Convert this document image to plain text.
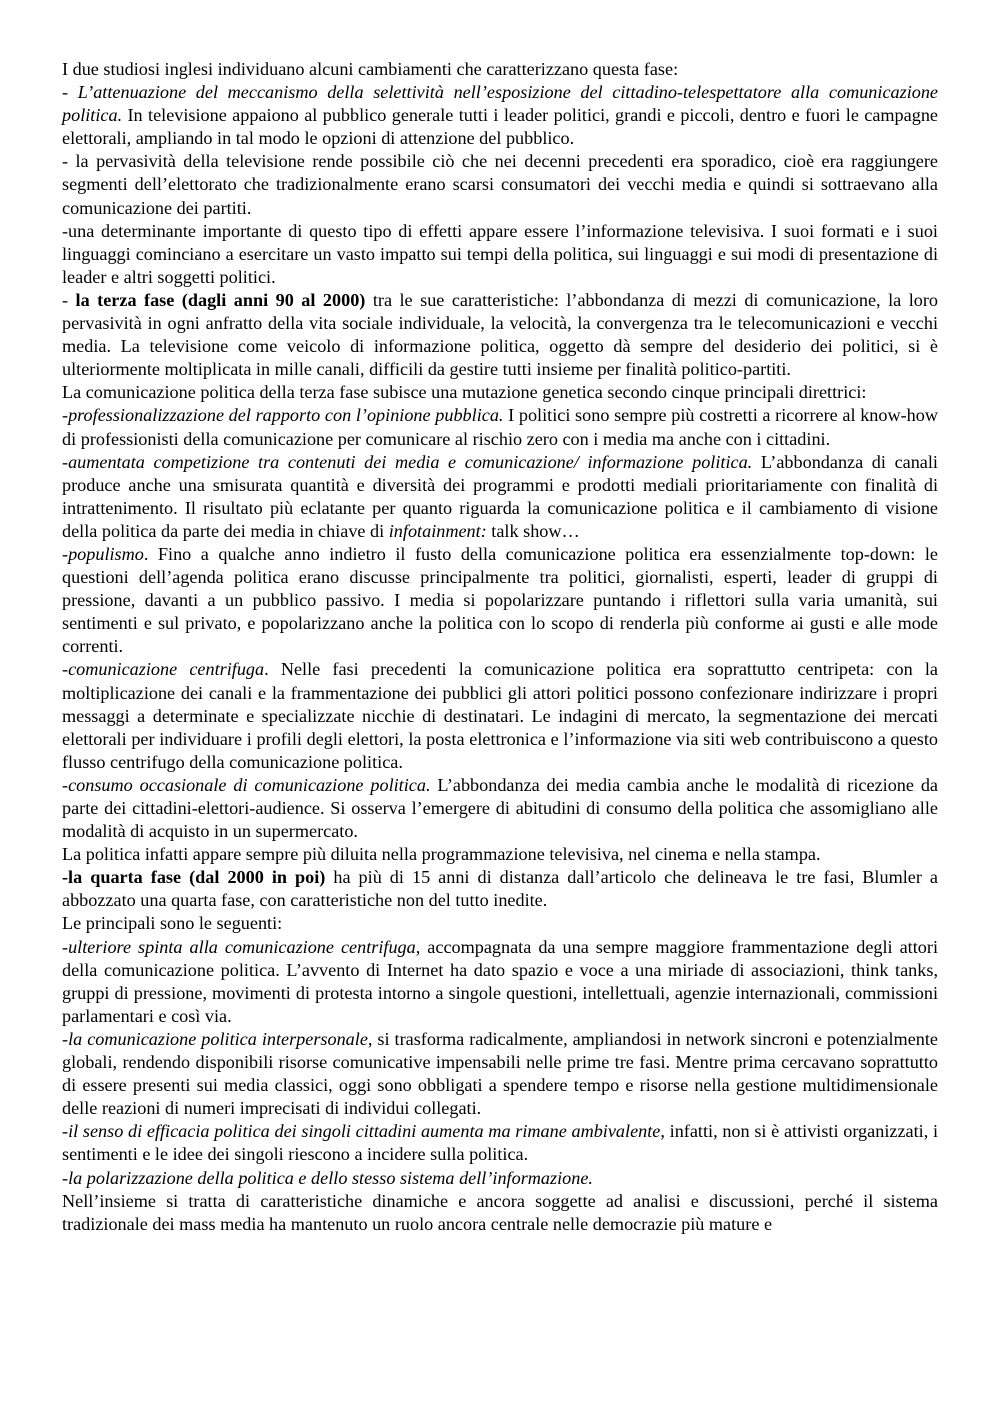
I due studiosi inglesi individuano alcuni cambiamenti che caratterizzano questa fase:

- L’attenuazione del meccanismo della selettività nell’esposizione del cittadino-telespettatore alla comunicazione politica. In televisione appaiono al pubblico generale tutti i leader politici, grandi e piccoli, dentro e fuori le campagne elettorali, ampliando in tal modo le opzioni di attenzione del pubblico.

- la pervasività della televisione rende possibile ciò che nei decenni precedenti era sporadico, cioè era raggiungere segmenti dell’elettorato che tradizionalmente erano scarsi consumatori dei vecchi media e quindi si sottraevano alla comunicazione dei partiti.

-una determinante importante di questo tipo di effetti appare essere l’informazione televisiva. I suoi formati e i suoi linguaggi cominciano a esercitare un vasto impatto sui tempi della politica, sui linguaggi e sui modi di presentazione di leader e altri soggetti politici.

- la terza fase (dagli anni 90 al 2000) tra le sue caratteristiche: l’abbondanza di mezzi di comunicazione, la loro pervasività in ogni anfratto della vita sociale individuale, la velocità, la convergenza tra le telecomunicazioni e vecchi media. La televisione come veicolo di informazione politica, oggetto dà sempre del desiderio dei politici, si è ulteriormente moltiplicata in mille canali, difficili da gestire tutti insieme per finalità politico-partiti.

La comunicazione politica della terza fase subisce una mutazione genetica secondo cinque principali direttrici:

-professionalizzazione del rapporto con l’opinione pubblica. I politici sono sempre più costretti a ricorrere al know-how di professionisti della comunicazione per comunicare al rischio zero con i media ma anche con i cittadini.

-aumentata competizione tra contenuti dei media e comunicazione/ informazione politica. L’abbondanza di canali produce anche una smisurata quantità e diversità dei programmi e prodotti mediali prioritariamente con finalità di intrattenimento. Il risultato più eclatante per quanto riguarda la comunicazione politica e il cambiamento di visione della politica da parte dei media in chiave di infotainment: talk show…

-populismo. Fino a qualche anno indietro il fusto della comunicazione politica era essenzialmente top-down: le questioni dell’agenda politica erano discusse principalmente tra politici, giornalisti, esperti, leader di gruppi di pressione, davanti a un pubblico passivo. I media si popolarizzare puntando i riflettori sulla varia umanità, sui sentimenti e sul privato, e popolarizzano anche la politica con lo scopo di renderla più conforme ai gusti e alle mode correnti.

-comunicazione centrifuga. Nelle fasi precedenti la comunicazione politica era soprattutto centripeta: con la moltiplicazione dei canali e la frammentazione dei pubblici gli attori politici possono confezionare indirizzare i propri messaggi a determinate e specializzate nicchie di destinatari. Le indagini di mercato, la segmentazione dei mercati elettorali per individuare i profili degli elettori, la posta elettronica e l’informazione via siti web contribuiscono a questo flusso centrifugo della comunicazione politica.

-consumo occasionale di comunicazione politica. L’abbondanza dei media cambia anche le modalità di ricezione da parte dei cittadini-elettori-audience. Si osserva l’emergere di abitudini di consumo della politica che assomigliano alle modalità di acquisto in un supermercato.

La politica infatti appare sempre più diluita nella programmazione televisiva, nel cinema e nella stampa.

-la quarta fase (dal 2000 in poi) ha più di 15 anni di distanza dall’articolo che delineava le tre fasi, Blumler a abbozzato una quarta fase, con caratteristiche non del tutto inedite.

Le principali sono le seguenti:

-ulteriore spinta alla comunicazione centrifuga, accompagnata da una sempre maggiore frammentazione degli attori della comunicazione politica. L’avvento di Internet ha dato spazio e voce a una miriade di associazioni, think tanks, gruppi di pressione, movimenti di protesta intorno a singole questioni, intellettuali, agenzie internazionali, commissioni parlamentari e così via.

-la comunicazione politica interpersonale, si trasforma radicalmente, ampliandosi in network sincroni e potenzialmente globali, rendendo disponibili risorse comunicative impensabili nelle prime tre fasi. Mentre prima cercavano soprattutto di essere presenti sui media classici, oggi sono obbligati a spendere tempo e risorse nella gestione multidimensionale delle reazioni di numeri imprecisati di individui collegati.

-il senso di efficacia politica dei singoli cittadini aumenta ma rimane ambivalente, infatti, non si è attivisti organizzati, i sentimenti e le idee dei singoli riescono a incidere sulla politica.

-la polarizzazione della politica e dello stesso sistema dell’informazione.

Nell’insieme si tratta di caratteristiche dinamiche e ancora soggette ad analisi e discussioni, perché il sistema tradizionale dei mass media ha mantenuto un ruolo ancora centrale nelle democrazie più mature e
